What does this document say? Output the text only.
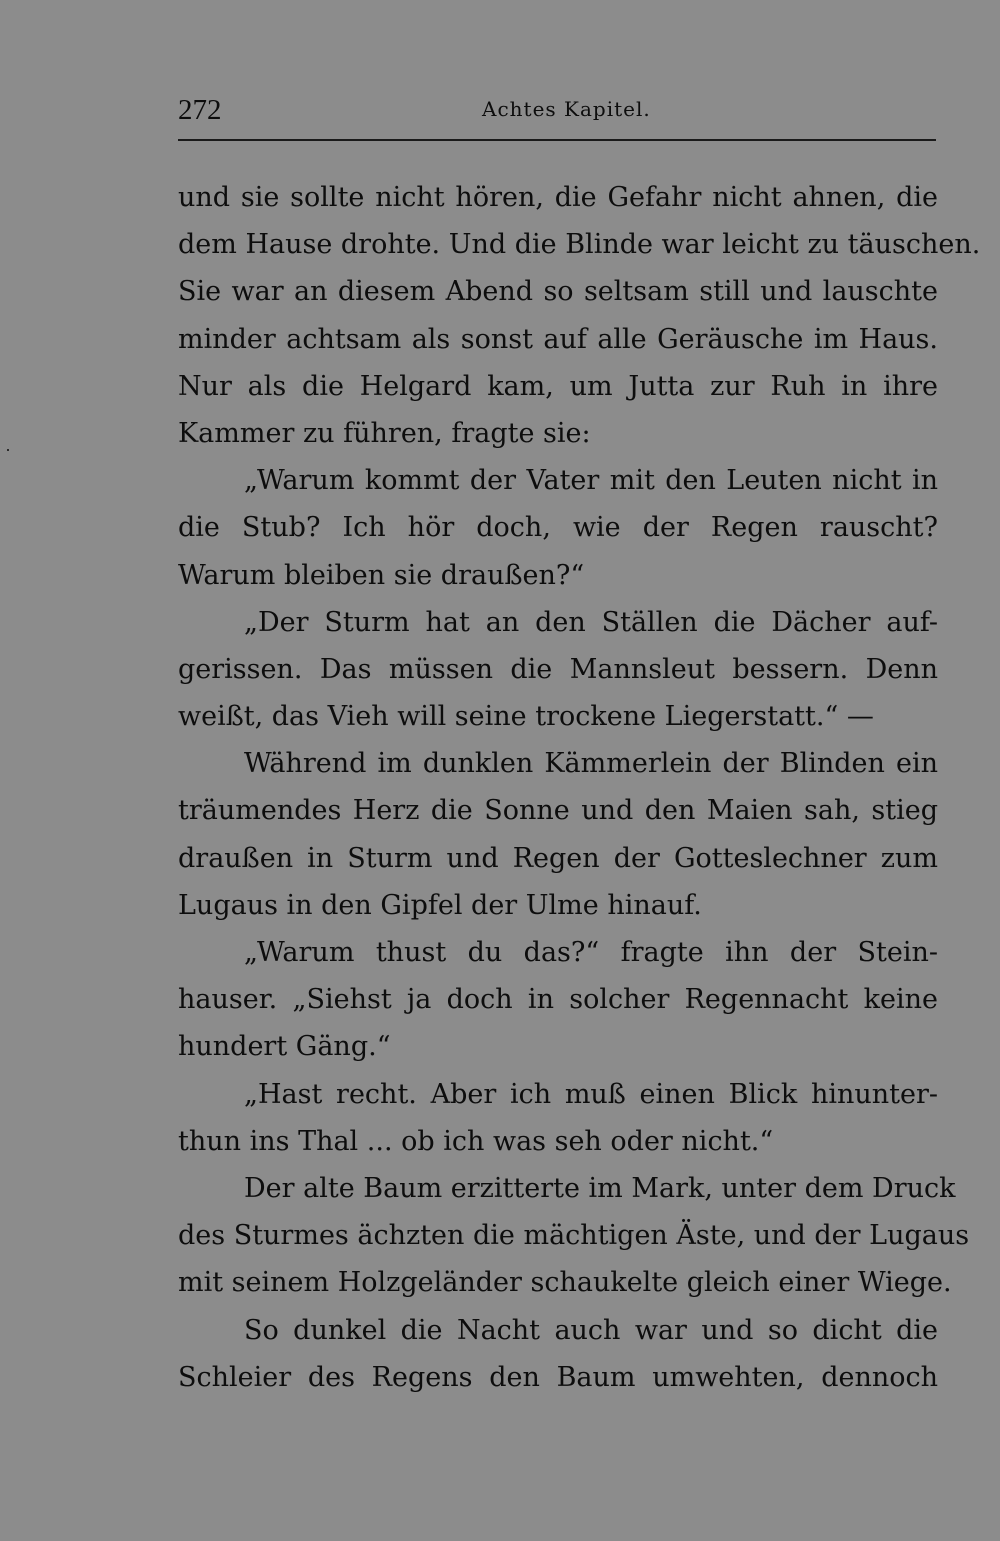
272	Achtes Kapitel.
und sie sollte nicht hören, die Gefahr nicht ahnen, die
dem Hause drohte. Und die Blinde war leicht zu täuschen.
Sie war an diesem Abend so seltsam still und lauschte
minder achtsam als sonst auf alle Geräusche im Haus.
Nur als die Helgard kam, um Jutta zur Ruh in ihre
Kammer zu führen, fragte sie:
„Warum kommt der Vater mit den Leuten nicht in
die Stub? Ich hör doch, wie der Regen rauscht?
Warum bleiben sie draußen?“
„Der Sturm hat an den Ställen die Dächer auf-
gerissen. Das müssen die Mannsleut bessern. Denn
weißt, das Vieh will seine trockene Liegerstatt.“ —
Während im dunklen Kämmerlein der Blinden ein
träumendes Herz die Sonne und den Maien sah, stieg
draußen in Sturm und Regen der Gotteslechner zum
Lugaus in den Gipfel der Ulme hinauf.
„Warum thust du das?“ fragte ihn der Stein-
hauser. „Siehst ja doch in solcher Regennacht keine
hundert Gäng.“
„Hast recht. Aber ich muß einen Blick hinunter-
thun ins Thal ... ob ich was seh oder nicht.“
Der alte Baum erzitterte im Mark, unter dem Druck
des Sturmes ächzten die mächtigen Äste, und der Lugaus
mit seinem Holzgeländer schaukelte gleich einer Wiege.
So dunkel die Nacht auch war und so dicht die
Schleier des Regens den Baum umwehten, dennoch
